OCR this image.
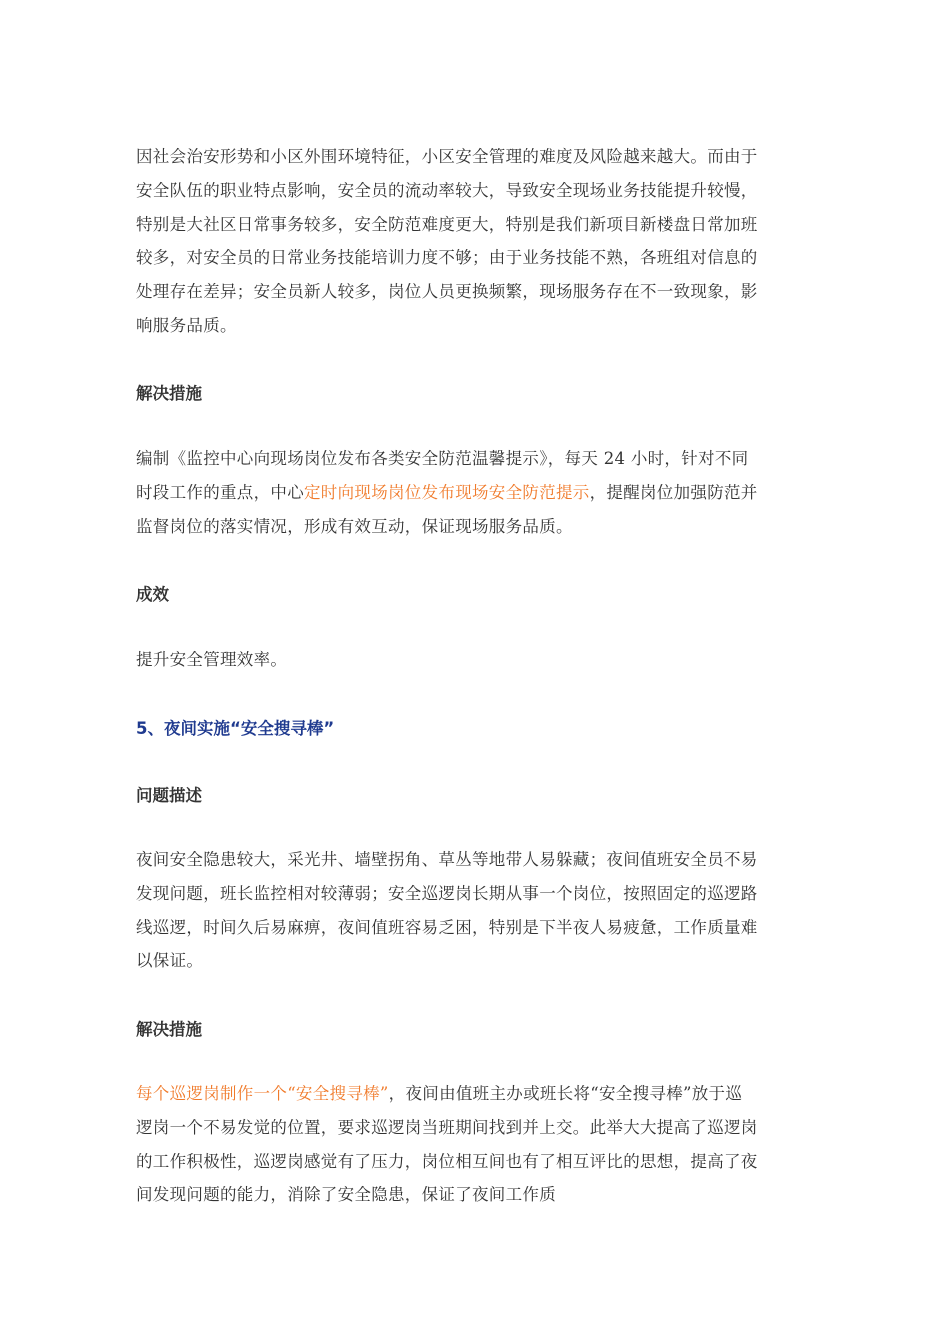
因社会治安形势和小区外围环境特征，小区安全管理的难度及风险越来越大。而由于
安全队伍的职业特点影响，安全员的流动率较大，导致安全现场业务技能提升较慢，
特别是大社区日常事务较多，安全防范难度更大，特别是我们新项目新楼盘日常加班
较多，对安全员的日常业务技能培训力度不够；由于业务技能不熟，各班组对信息的
处理存在差异；安全员新人较多，岗位人员更换频繁，现场服务存在不一致现象，影
响服务品质。

解决措施

编制《监控中心向现场岗位发布各类安全防范温馨提示》，每天 24 小时，针对不同
时段工作的重点，中心定时向现场岗位发布现场安全防范提示，提醒岗位加强防范并
监督岗位的落实情况，形成有效互动，保证现场服务品质。

成效

提升安全管理效率。

5、夜间实施“安全搜寻棒”

问题描述

夜间安全隐患较大，采光井、墙壁拐角、草丛等地带人易躲藏；夜间值班安全员不易
发现问题，班长监控相对较薄弱；安全巡逻岗长期从事一个岗位，按照固定的巡逻路
线巡逻，时间久后易麻痹，夜间值班容易乏困，特别是下半夜人易疲惫，工作质量难
以保证。

解决措施

每个巡逻岗制作一个“安全搜寻棒”，夜间由值班主办或班长将“安全搜寻棒”放于巡
逻岗一个不易发觉的位置，要求巡逻岗当班期间找到并上交。此举大大提高了巡逻岗
的工作积极性，巡逻岗感觉有了压力，岗位相互间也有了相互评比的思想，提高了夜
间发现问题的能力，消除了安全隐患，保证了夜间工作质
